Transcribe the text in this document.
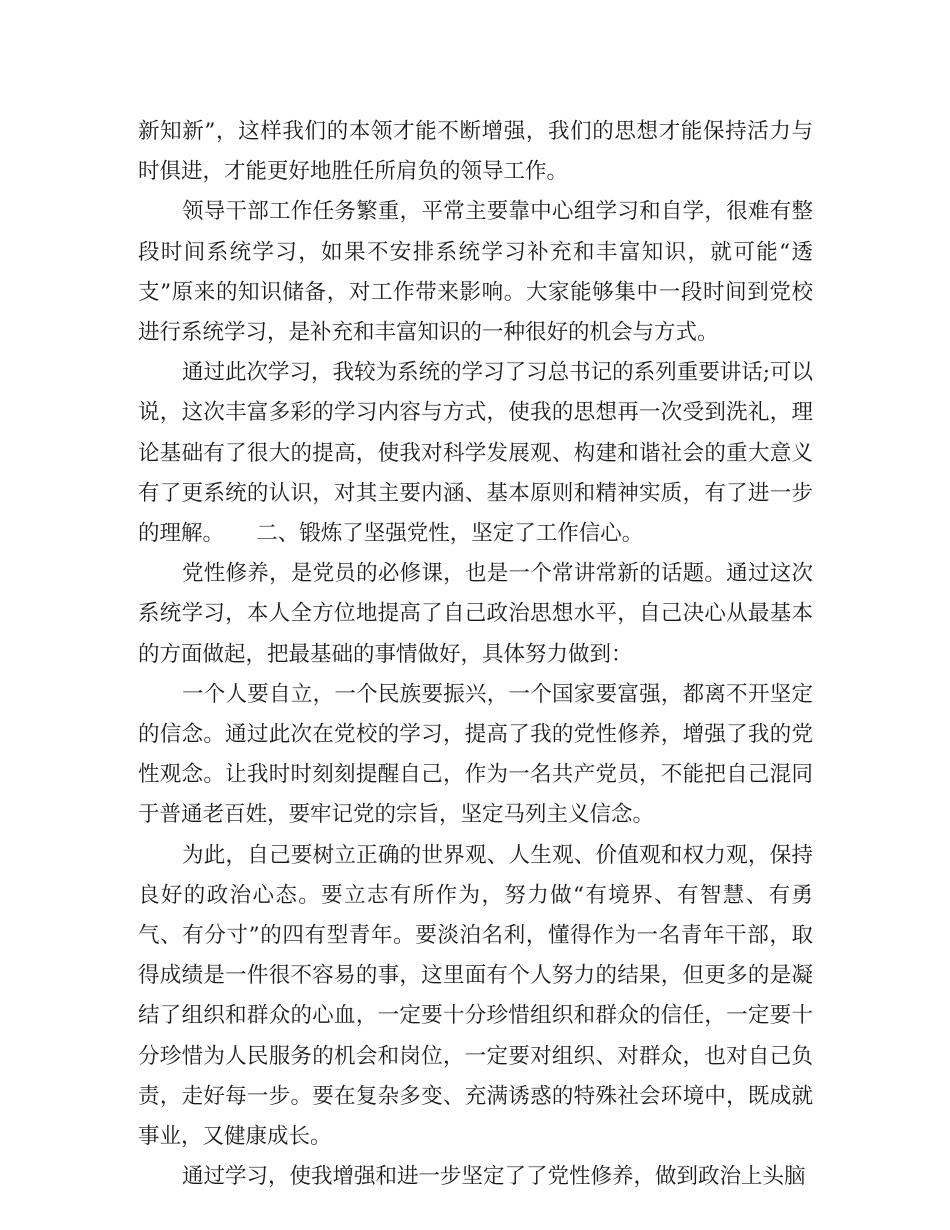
新知新”，这样我们的本领才能不断增强，我们的思想才能保持活力与时俱进，才能更好地胜任所肩负的领导工作。

领导干部工作任务繁重，平常主要靠中心组学习和自学，很难有整段时间系统学习，如果不安排系统学习补充和丰富知识，就可能“透支”原来的知识储备，对工作带来影响。大家能够集中一段时间到党校进行系统学习，是补充和丰富知识的一种很好的机会与方式。

通过此次学习，我较为系统的学习了习总书记的系列重要讲话;可以说，这次丰富多彩的学习内容与方式，使我的思想再一次受到洗礼，理论基础有了很大的提高，使我对科学发展观、构建和谐社会的重大意义有了更系统的认识，对其主要内涵、基本原则和精神实质，有了进一步的理解。　　二、锻炼了坚强党性，坚定了工作信心。

党性修养，是党员的必修课，也是一个常讲常新的话题。通过这次系统学习，本人全方位地提高了自己政治思想水平，自己决心从最基本的方面做起，把最基础的事情做好，具体努力做到：

一个人要自立，一个民族要振兴，一个国家要富强，都离不开坚定的信念。通过此次在党校的学习，提高了我的党性修养，增强了我的党性观念。让我时时刻刻提醒自己，作为一名共产党员，不能把自己混同于普通老百姓，要牢记党的宗旨，坚定马列主义信念。

为此，自己要树立正确的世界观、人生观、价值观和权力观，保持良好的政治心态。要立志有所作为，努力做“有境界、有智慧、有勇气、有分寸”的四有型青年。要淡泊名利，懂得作为一名青年干部，取得成绩是一件很不容易的事，这里面有个人努力的结果，但更多的是凝结了组织和群众的心血，一定要十分珍惜组织和群众的信任，一定要十分珍惜为人民服务的机会和岗位，一定要对组织、对群众，也对自己负责，走好每一步。要在复杂多变、充满诱惑的特殊社会环境中，既成就事业，又健康成长。

通过学习，使我增强和进一步坚定了了党性修养，做到政治上头脑
